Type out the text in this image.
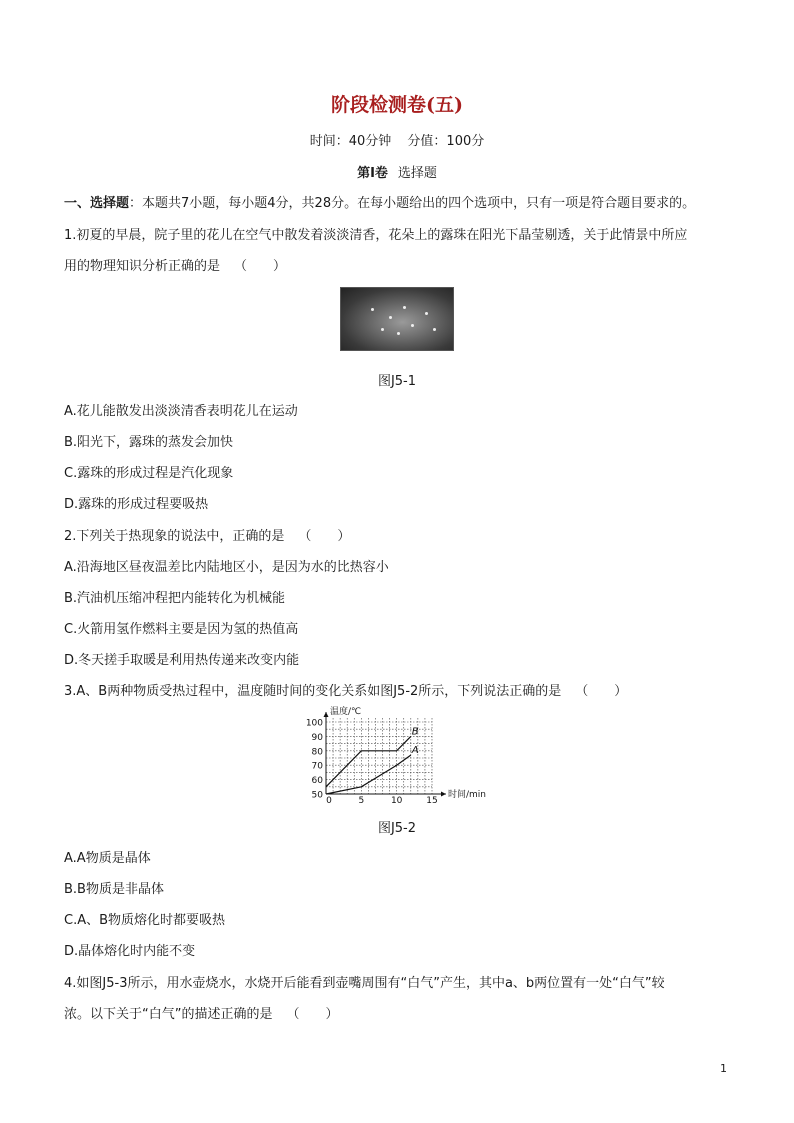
阶段检测卷(五)
时间：40分钟 分值：100分
第Ⅰ卷 选择题
一、选择题：本题共7小题，每小题4分，共28分。在每小题给出的四个选项中，只有一项是符合题目要求的。
1.初夏的早晨，院子里的花儿在空气中散发着淡淡清香，花朵上的露珠在阳光下晶莹剔透，关于此情景中所应
用的物理知识分析正确的是 （　　）
图J5-1
A.花儿能散发出淡淡清香表明花儿在运动
B.阳光下，露珠的蒸发会加快
C.露珠的形成过程是汽化现象
D.露珠的形成过程要吸热
2.下列关于热现象的说法中，正确的是 （　　）
A.沿海地区昼夜温差比内陆地区小，是因为水的比热容小
B.汽油机压缩冲程把内能转化为机械能
C.火箭用氢作燃料主要是因为氢的热值高
D.冬天搓手取暖是利用热传递来改变内能
3.A、B两种物质受热过程中，温度随时间的变化关系如图J5-2所示，下列说法正确的是 （　　）
50
60
70
80
90
100
0	5	10	15
B
A
温度/℃
时间/min
图J5-2
A.A物质是晶体
B.B物质是非晶体
C.A、B物质熔化时都要吸热
D.晶体熔化时内能不变
4.如图J5-3所示，用水壶烧水，水烧开后能看到壶嘴周围有“白气”产生，其中a、b两位置有一处“白气”较
浓。以下关于“白气”的描述正确的是 （　　）
1
